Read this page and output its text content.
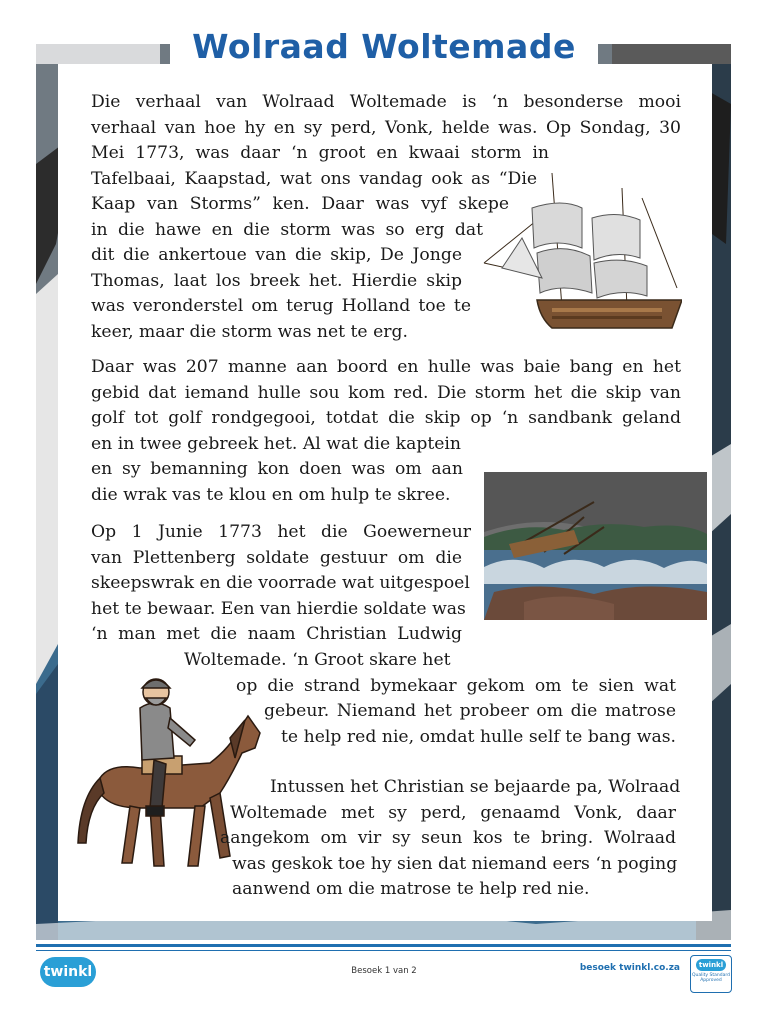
Wolraad Woltemade
Die verhaal van Wolraad Woltemade is ‘n besonderse mooi
verhaal van hoe hy en sy perd, Vonk, helde was. Op Sondag, 30
Mei 1773, was daar ‘n groot en kwaai storm in
Tafelbaai, Kaapstad, wat ons vandag ook as “Die
Kaap van Storms” ken. Daar was vyf skepe
in die hawe en die storm was so erg dat
dit die ankertoue van die skip, De Jonge
Thomas, laat los breek het. Hierdie skip
was veronderstel om terug Holland toe te
keer, maar die storm was net te erg.
Daar was 207 manne aan boord en hulle was baie bang en het
gebid dat iemand hulle sou kom red. Die storm het die skip van
golf tot golf rondgegooi, totdat die skip op ‘n sandbank geland
en in twee gebreek het. Al wat die kaptein
en sy bemanning kon doen was om aan
die wrak vas te klou en om hulp te skree.
Op 1 Junie 1773 het die Goewerneur
van Plettenberg soldate gestuur om die
skeepswrak en die voorrade wat uitgespoel
het te bewaar. Een van hierdie soldate was
‘n man met die naam Christian Ludwig
Woltemade. ‘n Groot skare het
op die strand bymekaar gekom om te sien wat
gebeur. Niemand het probeer om die matrose
te help red nie, omdat hulle self te bang was.
Intussen het Christian se bejaarde pa, Wolraad
Woltemade met sy perd, genaamd Vonk, daar
aangekom om vir sy seun kos te bring. Wolraad
was geskok toe hy sien dat niemand eers ‘n poging
aanwend om die matrose te help red nie.
twinkl	Besoek 1 van 2	besoek twinkl.co.za	twinkl
Quality Standard Approved
